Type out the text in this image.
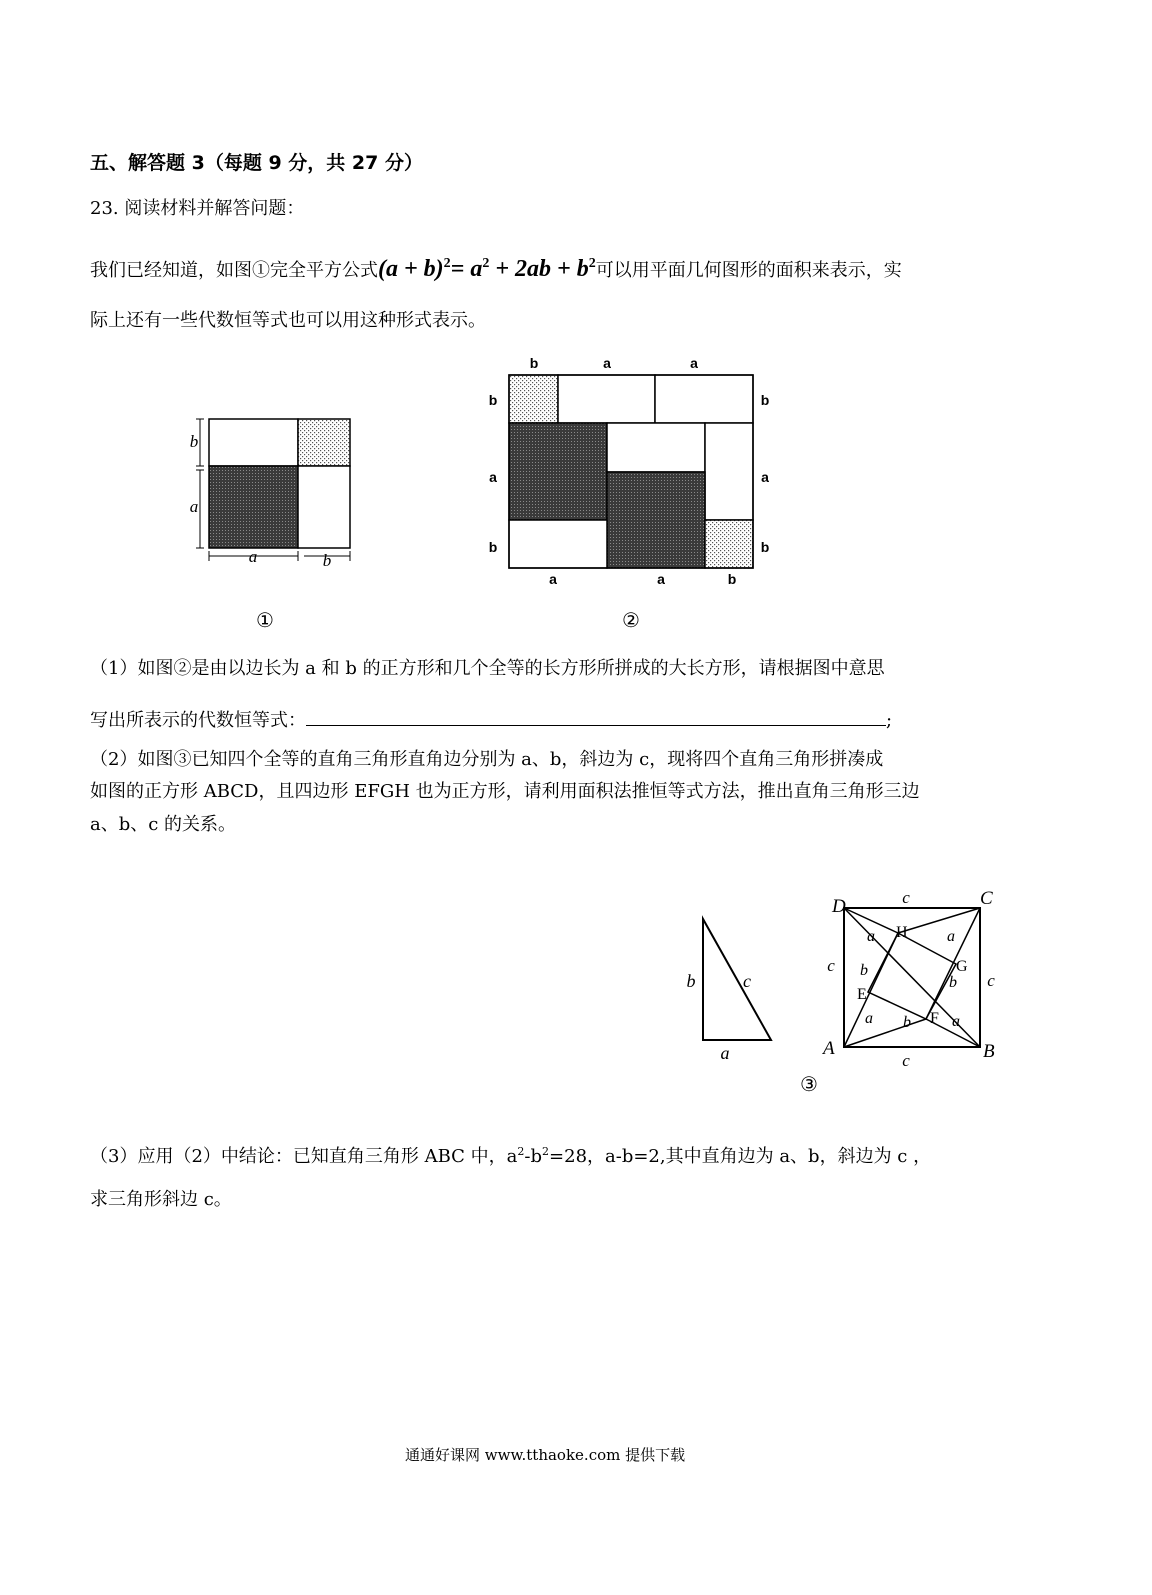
五、解答题 3（每题 9 分，共 27 分）
23. 阅读材料并解答问题：
我们已经知道，如图①完全平方公式$(a + b)^2= a^2 + 2ab + b^2$可以用平面几何图形的面积来表示，实
际上还有一些代数恒等式也可以用这种形式表示。
b
a
a	b
①
b	a	a
b
a
b
b
a
b
a	a	b
②
（1）如图②是由以边长为 a 和 b 的正方形和几个全等的长方形所拼成的大长方形，请根据图中意思
写出所表示的代数恒等式：	;
（2）如图③已知四个全等的直角三角形直角边分别为 a、b，斜边为 c，现将四个直角三角形拼凑成
如图的正方形 ABCD，且四边形 EFGH 也为正方形，请利用面积法推恒等式方法，推出直角三角形三边
a、b、c 的关系。
b	c
a
D	C
A	B
H
G
E
F
c
c
c
c
a	a
a	a
b
b
b
③
（3）应用（2）中结论：已知直角三角形 ABC 中，$a^2-b^2=28$，a-b=2,其中直角边为 a、b，斜边为 c ，
求三角形斜边 c。
通通好课网 www.tthaoke.com 提供下载
